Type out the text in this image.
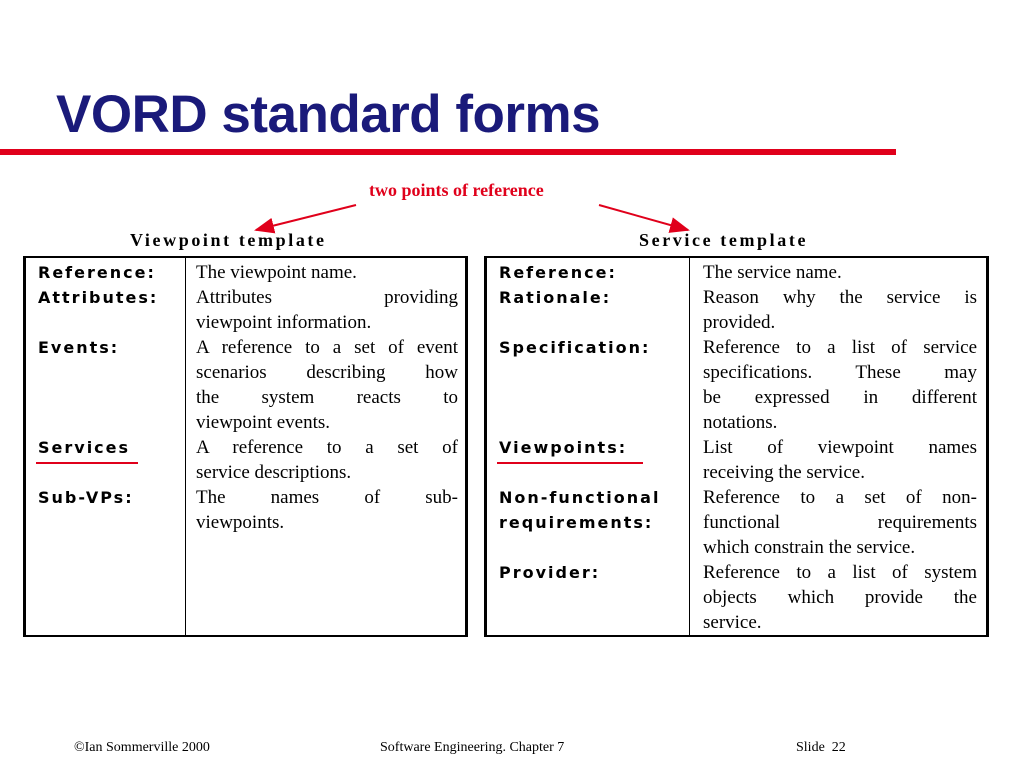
VORD standard forms
two points of reference
Viewpoint template	Service template
Reference: The viewpoint name.
Attributes: Attributes providing
viewpoint information.
Events:	A reference to a set of event
scenarios describing how
the system reacts to
viewpoint events.
Services	A reference to a set of
service descriptions.
Sub-VPs:	The names of sub-
viewpoints.
Reference:	The service name.
Rationale:	Reason why the service is
provided.
Specification:	Reference to a list of service
specifications. These may
be expressed in different
notations.
Viewpoints:	List of viewpoint names
receiving the service.
Non-functional
requirements:
Reference to a set of non-
functional requirements
which constrain the service.
Provider:	Reference to a list of system
objects which provide the
service.
©Ian Sommerville 2000	Software Engineering. Chapter 7	Slide  22
